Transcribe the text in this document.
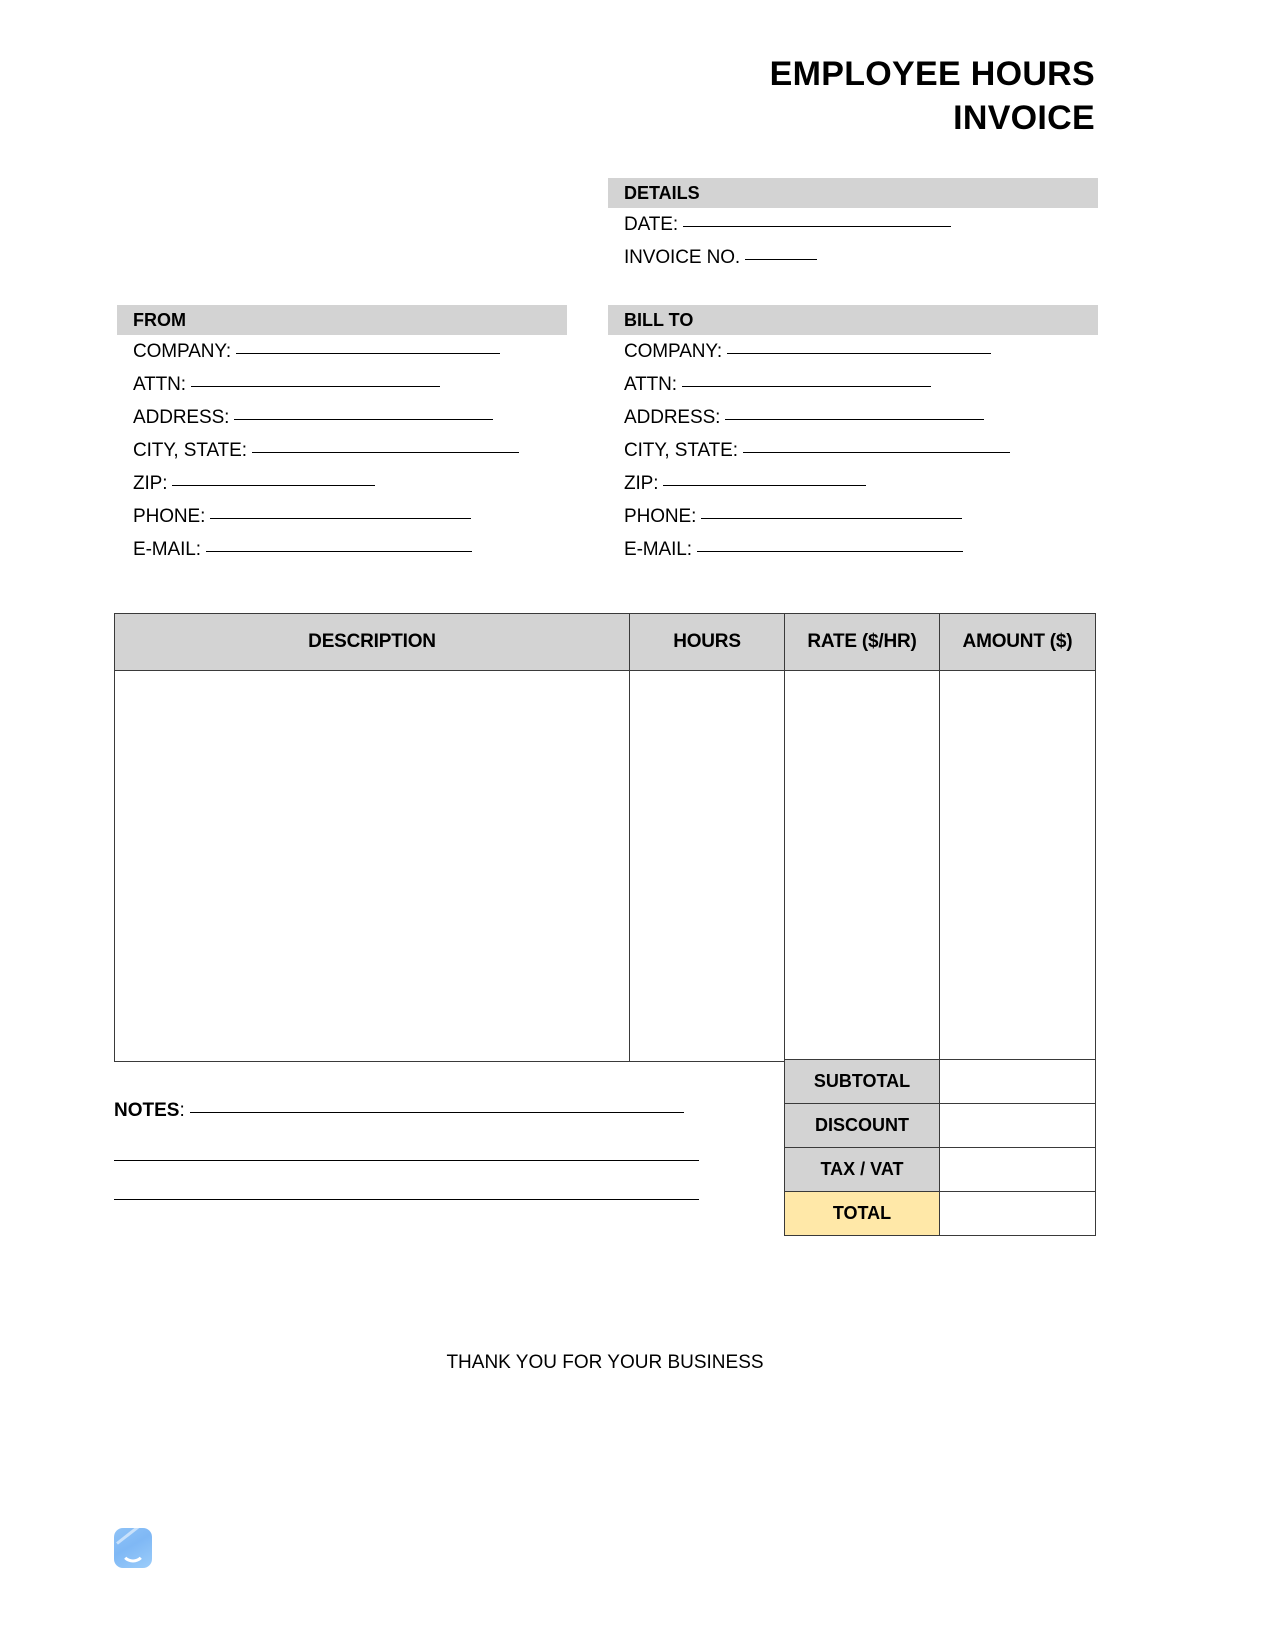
EMPLOYEE HOURS
INVOICE
DETAILS
DATE:
INVOICE NO.
FROM
COMPANY:
ATTN:
ADDRESS:
CITY, STATE:
ZIP:
PHONE:
E-MAIL:
BILL TO
COMPANY:
ATTN:
ADDRESS:
CITY, STATE:
ZIP:
PHONE:
E-MAIL:
DESCRIPTION	HOURS	RATE ($/HR)	AMOUNT ($)

SUBTOTAL	
DISCOUNT	
TAX / VAT	
TOTAL	
NOTES:
THANK YOU FOR YOUR BUSINESS
